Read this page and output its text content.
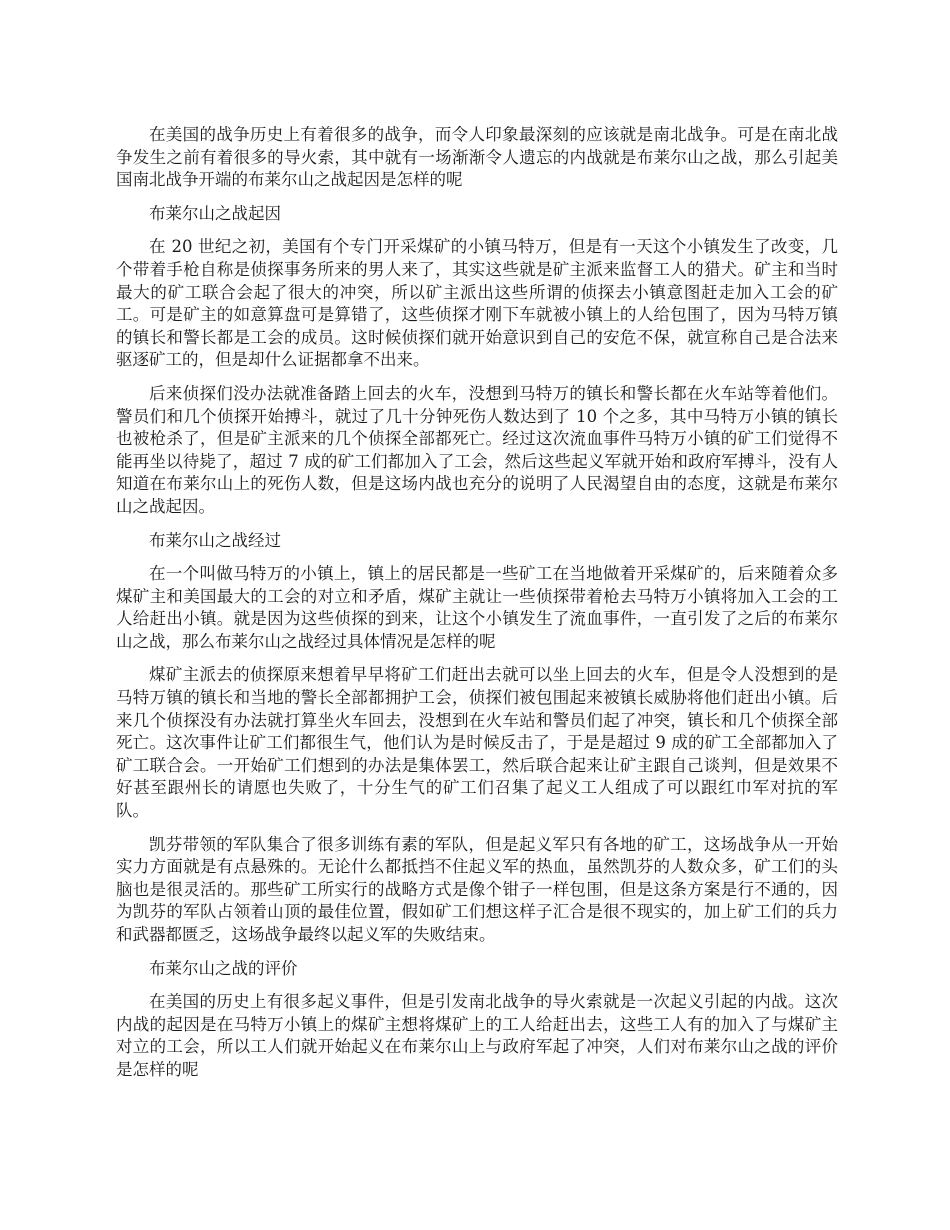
在美国的战争历史上有着很多的战争，而令人印象最深刻的应该就是南北战争。可是在南北战争发生之前有着很多的导火索，其中就有一场渐渐令人遗忘的内战就是布莱尔山之战，那么引起美国南北战争开端的布莱尔山之战起因是怎样的呢

布莱尔山之战起因

在 20 世纪之初，美国有个专门开采煤矿的小镇马特万，但是有一天这个小镇发生了改变，几个带着手枪自称是侦探事务所来的男人来了，其实这些就是矿主派来监督工人的猎犬。矿主和当时最大的矿工联合会起了很大的冲突，所以矿主派出这些所谓的侦探去小镇意图赶走加入工会的矿工。可是矿主的如意算盘可是算错了，这些侦探才刚下车就被小镇上的人给包围了，因为马特万镇的镇长和警长都是工会的成员。这时候侦探们就开始意识到自己的安危不保，就宣称自己是合法来驱逐矿工的，但是却什么证据都拿不出来。

后来侦探们没办法就准备踏上回去的火车，没想到马特万的镇长和警长都在火车站等着他们。警员们和几个侦探开始搏斗，就过了几十分钟死伤人数达到了 10 个之多，其中马特万小镇的镇长也被枪杀了，但是矿主派来的几个侦探全部都死亡。经过这次流血事件马特万小镇的矿工们觉得不能再坐以待毙了，超过 7 成的矿工们都加入了工会，然后这些起义军就开始和政府军搏斗，没有人知道在布莱尔山上的死伤人数，但是这场内战也充分的说明了人民渴望自由的态度，这就是布莱尔山之战起因。

布莱尔山之战经过

在一个叫做马特万的小镇上，镇上的居民都是一些矿工在当地做着开采煤矿的，后来随着众多煤矿主和美国最大的工会的对立和矛盾，煤矿主就让一些侦探带着枪去马特万小镇将加入工会的工人给赶出小镇。就是因为这些侦探的到来，让这个小镇发生了流血事件，一直引发了之后的布莱尔山之战，那么布莱尔山之战经过具体情况是怎样的呢

煤矿主派去的侦探原来想着早早将矿工们赶出去就可以坐上回去的火车，但是令人没想到的是马特万镇的镇长和当地的警长全部都拥护工会，侦探们被包围起来被镇长威胁将他们赶出小镇。后来几个侦探没有办法就打算坐火车回去，没想到在火车站和警员们起了冲突，镇长和几个侦探全部死亡。这次事件让矿工们都很生气，他们认为是时候反击了，于是是超过 9 成的矿工全部都加入了矿工联合会。一开始矿工们想到的办法是集体罢工，然后联合起来让矿主跟自己谈判，但是效果不好甚至跟州长的请愿也失败了，十分生气的矿工们召集了起义工人组成了可以跟红巾军对抗的军队。

凯芬带领的军队集合了很多训练有素的军队，但是起义军只有各地的矿工，这场战争从一开始实力方面就是有点悬殊的。无论什么都抵挡不住起义军的热血，虽然凯芬的人数众多，矿工们的头脑也是很灵活的。那些矿工所实行的战略方式是像个钳子一样包围，但是这条方案是行不通的，因为凯芬的军队占领着山顶的最佳位置，假如矿工们想这样子汇合是很不现实的，加上矿工们的兵力和武器都匮乏，这场战争最终以起义军的失败结束。

布莱尔山之战的评价

在美国的历史上有很多起义事件，但是引发南北战争的导火索就是一次起义引起的内战。这次内战的起因是在马特万小镇上的煤矿主想将煤矿上的工人给赶出去，这些工人有的加入了与煤矿主对立的工会，所以工人们就开始起义在布莱尔山上与政府军起了冲突，人们对布莱尔山之战的评价是怎样的呢
